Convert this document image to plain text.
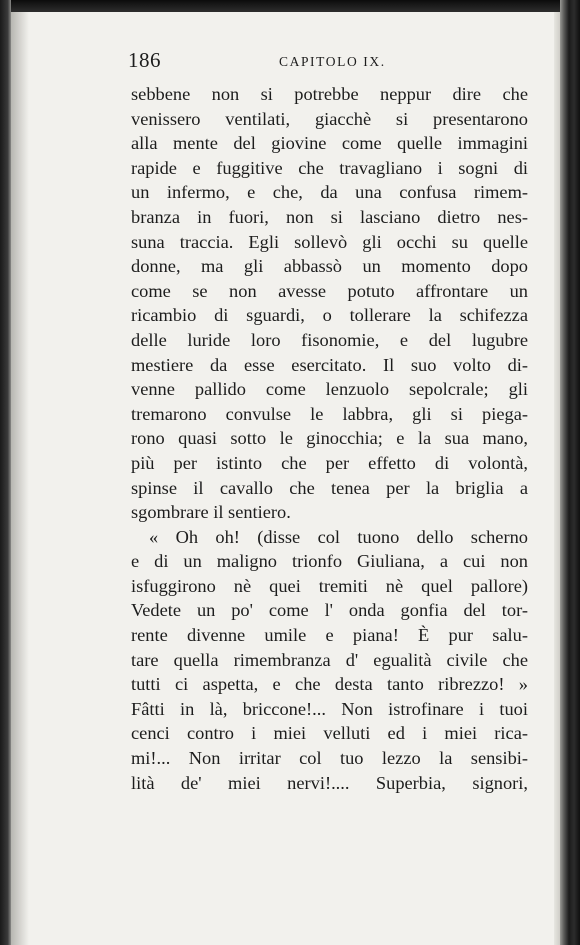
186	CAPITOLO IX.
sebbene non si potrebbe neppur dire che
venissero ventilati, giacchè si presentarono
alla mente del giovine come quelle immagini
rapide e fuggitive che travagliano i sogni di
un infermo, e che, da una confusa rimem-
branza in fuori, non si lasciano dietro nes-
suna traccia. Egli sollevò gli occhi su quelle
donne, ma gli abbassò un momento dopo
come se non avesse potuto affrontare un
ricambio di sguardi, o tollerare la schifezza
delle luride loro fisonomie, e del lugubre
mestiere da esse esercitato. Il suo volto di-
venne pallido come lenzuolo sepolcrale; gli
tremarono convulse le labbra, gli si piega-
rono quasi sotto le ginocchia; e la sua mano,
più per istinto che per effetto di volontà,
spinse il cavallo che tenea per la briglia a
sgombrare il sentiero.
« Oh oh! (disse col tuono dello scherno
e di un maligno trionfo Giuliana, a cui non
isfuggirono nè quei tremiti nè quel pallore)
Vedete un po' come l' onda gonfia del tor-
rente divenne umile e piana! È pur salu-
tare quella rimembranza d' egualità civile che
tutti ci aspetta, e che desta tanto ribrezzo! »
Fâtti in là, briccone!... Non istrofinare i tuoi
cenci contro i miei velluti ed i miei rica-
mi!... Non irritar col tuo lezzo la sensibi-
lità de' miei nervi!.... Superbia, signori,
